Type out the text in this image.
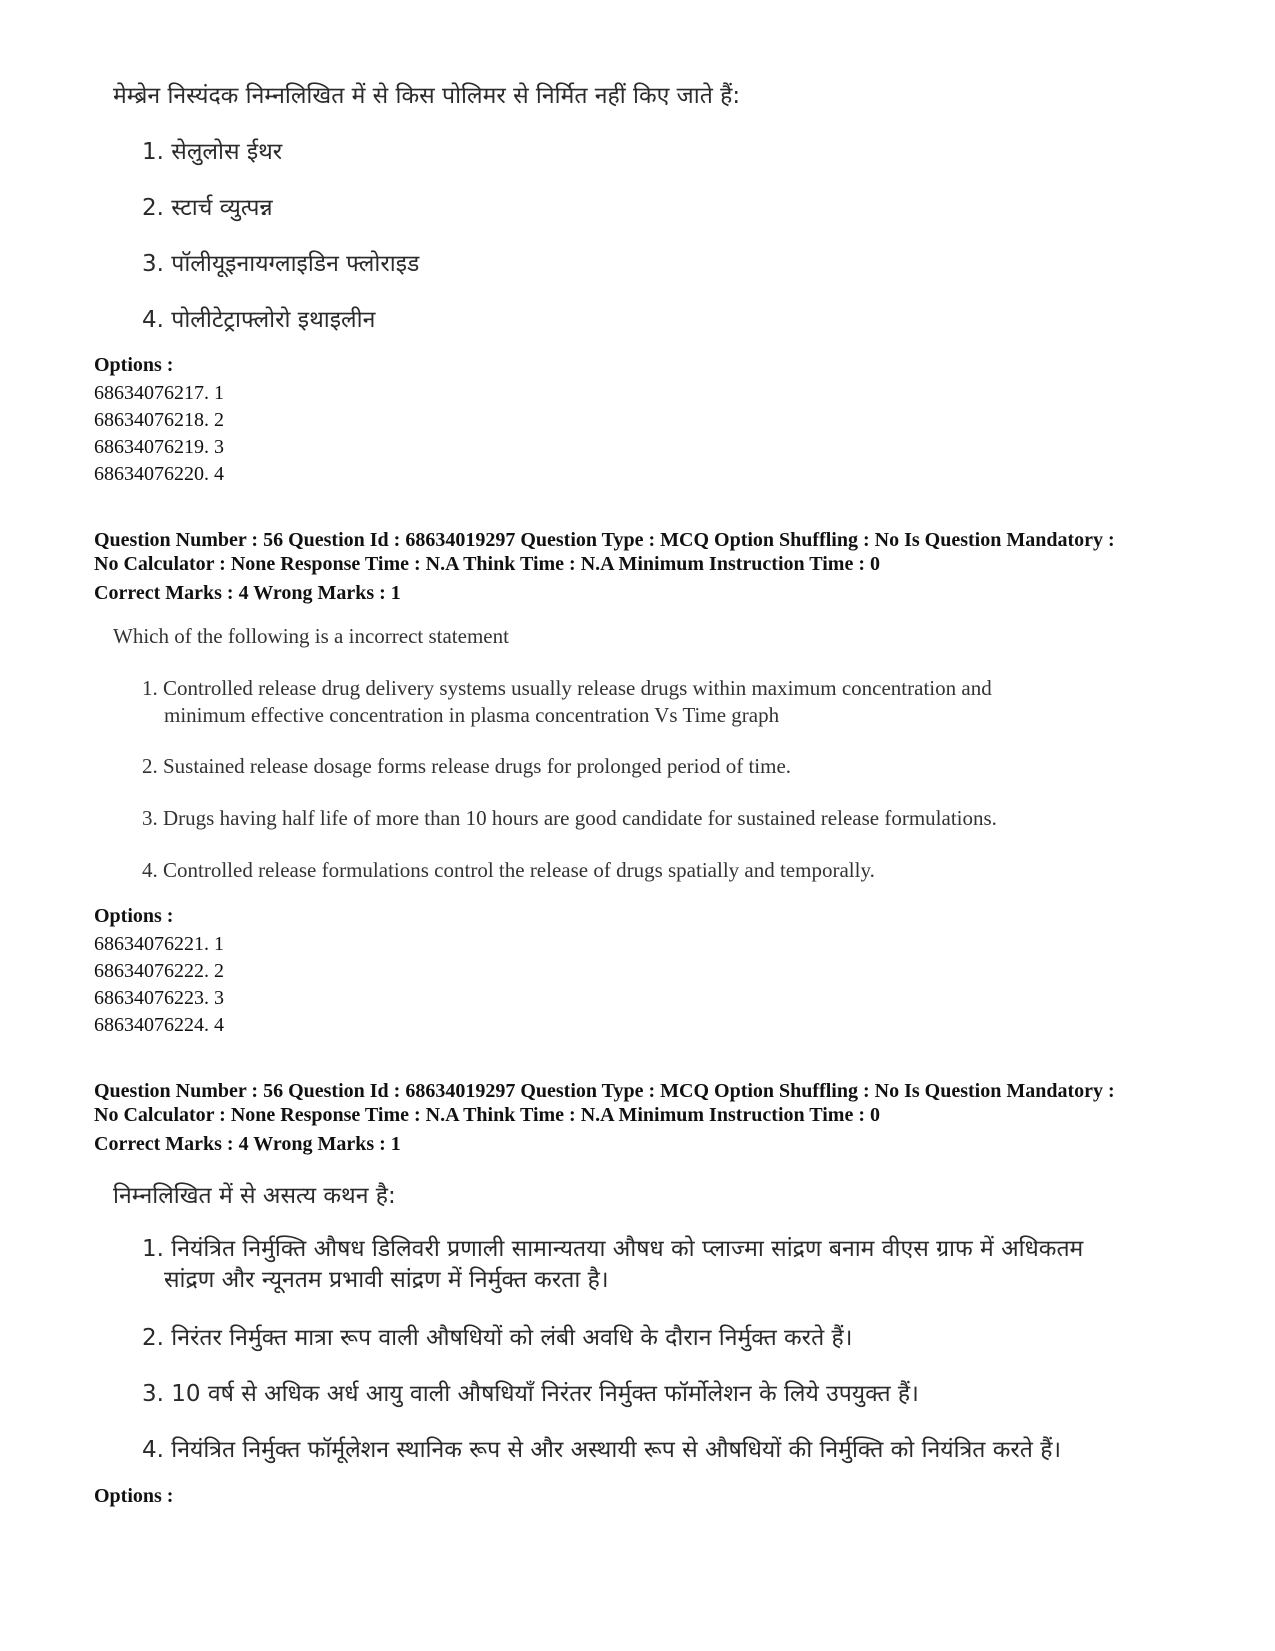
मेम्ब्रेन निस्यंदक निम्नलिखित में से किस पोलिमर से निर्मित नहीं किए जाते हैं:
1. सेलुलोस ईथर
2. स्टार्च व्युत्पन्न
3. पॉलीयूइनायग्लाइडिन फ्लोराइड
4. पोलीटेट्राफ्लोरो इथाइलीन
Options :
68634076217. 1
68634076218. 2
68634076219. 3
68634076220. 4
Question Number : 56 Question Id : 68634019297 Question Type : MCQ Option Shuffling : No Is Question Mandatory :
No Calculator : None Response Time : N.A Think Time : N.A Minimum Instruction Time : 0
Correct Marks : 4 Wrong Marks : 1
Which of the following is a incorrect statement
1. Controlled release drug delivery systems usually release drugs within maximum concentration and
minimum effective concentration in plasma concentration Vs Time graph
2. Sustained release dosage forms release drugs for prolonged period of time.
3. Drugs having half life of more than 10 hours are good candidate for sustained release formulations.
4. Controlled release formulations control the release of drugs spatially and temporally.
Options :
68634076221. 1
68634076222. 2
68634076223. 3
68634076224. 4
Question Number : 56 Question Id : 68634019297 Question Type : MCQ Option Shuffling : No Is Question Mandatory :
No Calculator : None Response Time : N.A Think Time : N.A Minimum Instruction Time : 0
Correct Marks : 4 Wrong Marks : 1
निम्नलिखित में से असत्य कथन है:
1. नियंत्रित निर्मुक्ति औषध डिलिवरी प्रणाली सामान्यतया औषध को प्लाज्मा सांद्रण बनाम वीएस ग्राफ में अधिकतम
सांद्रण और न्यूनतम प्रभावी सांद्रण में निर्मुक्त करता है।
2. निरंतर निर्मुक्त मात्रा रूप वाली औषधियों को लंबी अवधि के दौरान निर्मुक्त करते हैं।
3. 10 वर्ष से अधिक अर्ध आयु वाली औषधियाँ निरंतर निर्मुक्त फॉर्मोलेशन के लिये उपयुक्त हैं।
4. नियंत्रित निर्मुक्त फॉर्मूलेशन स्थानिक रूप से और अस्थायी रूप से औषधियों की निर्मुक्ति को नियंत्रित करते हैं।
Options :
